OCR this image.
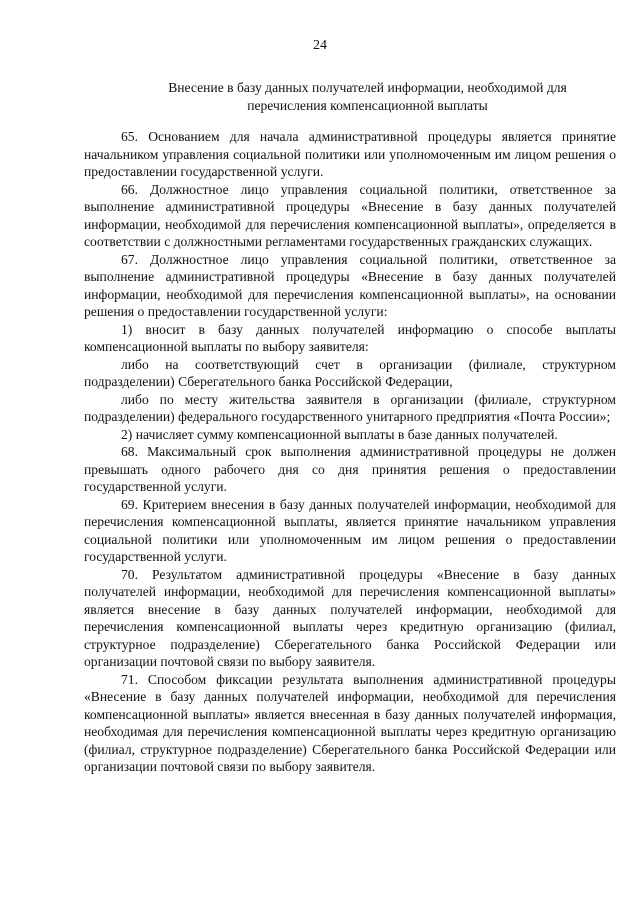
24
Внесение в базу данных получателей информации, необходимой для перечисления компенсационной выплаты

65. Основанием для начала административной процедуры является принятие начальником управления социальной политики или уполномоченным им лицом решения о предоставлении государственной услуги.

66. Должностное лицо управления социальной политики, ответственное за выполнение административной процедуры «Внесение в базу данных получателей информации, необходимой для перечисления компенсационной выплаты», определяется в соответствии с должностными регламентами государственных гражданских служащих.

67. Должностное лицо управления социальной политики, ответственное за выполнение административной процедуры «Внесение в базу данных получателей информации, необходимой для перечисления компенсационной выплаты», на основании решения о предоставлении государственной услуги:

1) вносит в базу данных получателей информацию о способе выплаты компенсационной выплаты по выбору заявителя:

либо на соответствующий счет в организации (филиале, структурном подразделении) Сберегательного банка Российской Федерации,

либо по месту жительства заявителя в организации (филиале, структурном подразделении) федерального государственного унитарного предприятия «Почта России»;

2) начисляет сумму компенсационной выплаты в базе данных получателей.

68. Максимальный срок выполнения административной процедуры не должен превышать одного рабочего дня со дня принятия решения о предоставлении государственной услуги.

69. Критерием внесения в базу данных получателей информации, необходимой для перечисления компенсационной выплаты, является принятие начальником управления социальной политики или уполномоченным им лицом решения о предоставлении государственной услуги.

70. Результатом административной процедуры «Внесение в базу данных получателей информации, необходимой для перечисления компенсационной выплаты» является внесение в базу данных получателей информации, необходимой для перечисления компенсационной выплаты через кредитную организацию (филиал, структурное подразделение) Сберегательного банка Российской Федерации или организации почтовой связи по выбору заявителя.

71. Способом фиксации результата выполнения административной процедуры «Внесение в базу данных получателей информации, необходимой для перечисления компенсационной выплаты» является внесенная в базу данных получателей информация, необходимая для перечисления компенсационной выплаты через кредитную организацию (филиал, структурное подразделение) Сберегательного банка Российской Федерации или организации почтовой связи по выбору заявителя.
